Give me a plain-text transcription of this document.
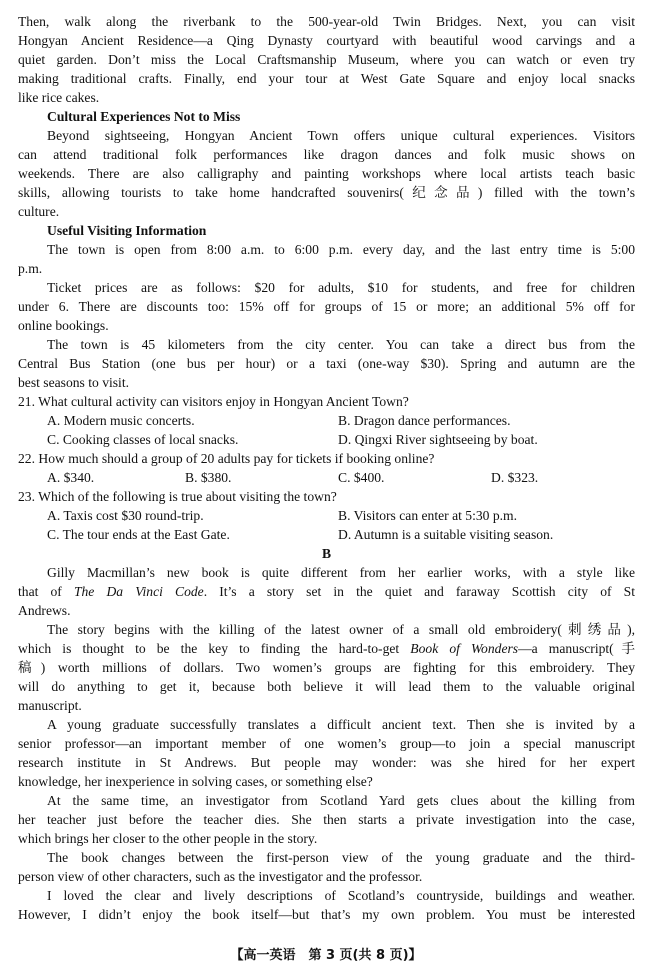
Then, walk along the riverbank to the 500-year-old Twin Bridges. Next, you can visit
Hongyan Ancient Residence—a Qing Dynasty courtyard with beautiful wood carvings and a
quiet garden. Don’t miss the Local Craftsmanship Museum, where you can watch or even try
making traditional crafts. Finally, end your tour at West Gate Square and enjoy local snacks
like rice cakes.
Cultural Experiences Not to Miss
Beyond sightseeing, Hongyan Ancient Town offers unique cultural experiences. Visitors
can attend traditional folk performances like dragon dances and folk music shows on
weekends. There are also calligraphy and painting workshops where local artists teach basic
skills, allowing tourists to take home handcrafted souvenirs(纪念品) filled with the town’s
culture.
Useful Visiting Information
The town is open from 8:00 a.m. to 6:00 p.m. every day, and the last entry time is 5:00
p.m.
Ticket prices are as follows: $20 for adults, $10 for students, and free for children
under 6. There are discounts too: 15% off for groups of 15 or more; an additional 5% off for
online bookings.
The town is 45 kilometers from the city center. You can take a direct bus from the
Central Bus Station (one bus per hour) or a taxi (one-way $30). Spring and autumn are the
best seasons to visit.
21. What cultural activity can visitors enjoy in Hongyan Ancient Town?
A. Modern music concerts.	B. Dragon dance performances.
C. Cooking classes of local snacks.	D. Qingxi River sightseeing by boat.
22. How much should a group of 20 adults pay for tickets if booking online?
A. $340.	B. $380.	C. $400.	D. $323.
23. Which of the following is true about visiting the town?
A. Taxis cost $30 round-trip.	B. Visitors can enter at 5:30 p.m.
C. The tour ends at the East Gate.	D. Autumn is a suitable visiting season.
B
Gilly Macmillan’s new book is quite different from her earlier works, with a style like
that of The Da Vinci Code. It’s a story set in the quiet and faraway Scottish city of St
Andrews.
The story begins with the killing of the latest owner of a small old embroidery(刺绣品),
which is thought to be the key to finding the hard-to-get Book of Wonders—a manuscript(手
稿) worth millions of dollars. Two women’s groups are fighting for this embroidery. They
will do anything to get it, because both believe it will lead them to the valuable original
manuscript.
A young graduate successfully translates a difficult ancient text. Then she is invited by a
senior professor—an important member of one women’s group—to join a special manuscript
research institute in St Andrews. But people may wonder: was she hired for her expert
knowledge, her inexperience in solving cases, or something else?
At the same time, an investigator from Scotland Yard gets clues about the killing from
her teacher just before the teacher dies. She then starts a private investigation into the case,
which brings her closer to the other people in the story.
The book changes between the first-person view of the young graduate and the third-
person view of other characters, such as the investigator and the professor.
I loved the clear and lively descriptions of Scotland’s countryside, buildings and weather.
However, I didn’t enjoy the book itself—but that’s my own problem. You must be interested
【高一英语　第 3 页(共 8 页)】
